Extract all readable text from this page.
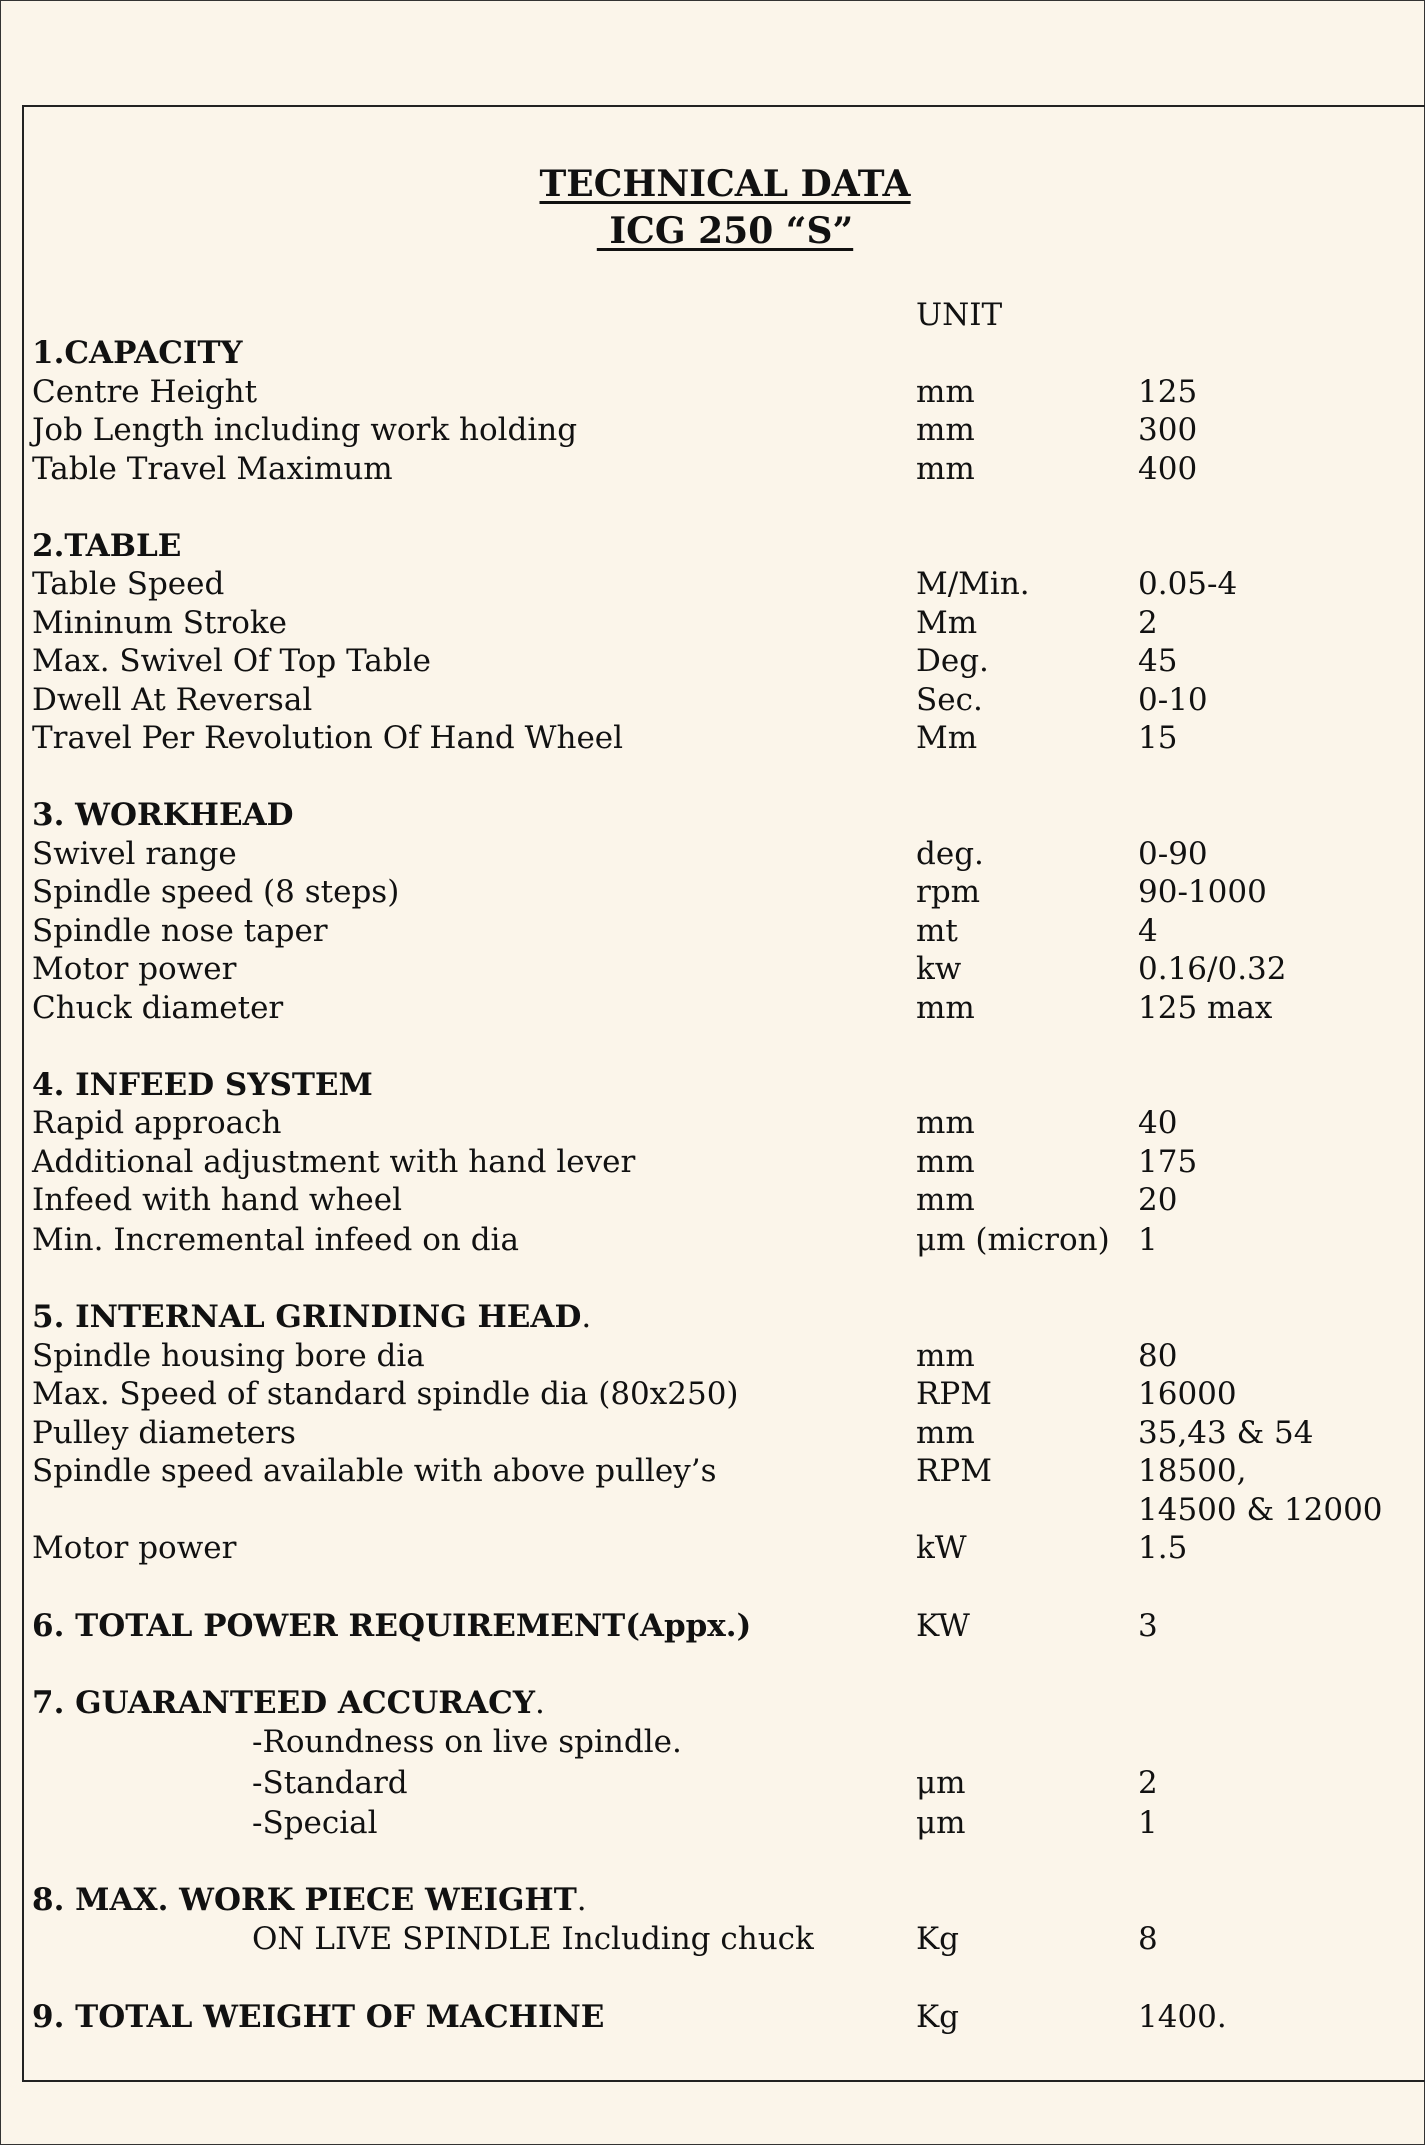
TECHNICAL DATA
ICG 250 “S”
UNIT
1.CAPACITY
Centre Height	mm	125
Job Length including work holding	mm	300
Table Travel Maximum	mm	400
2.TABLE
Table Speed	M/Min.	0.05-4
Mininum Stroke	Mm	2
Max. Swivel Of Top Table	Deg.	45
Dwell At Reversal	Sec.	0-10
Travel Per Revolution Of Hand Wheel	Mm	15
3. WORKHEAD
Swivel range	deg.	0-90
Spindle speed (8 steps)	rpm	90-1000
Spindle nose taper	mt	4
Motor power	kw	0.16/0.32
Chuck diameter	mm	125 max
4. INFEED SYSTEM
Rapid approach	mm	40
Additional adjustment with hand lever	mm	175
Infeed with hand wheel	mm	20
Min. Incremental infeed on dia	μm (micron) 1
5. INTERNAL GRINDING HEAD.
Spindle housing bore dia	mm	80
Max. Speed of standard spindle dia (80x250)	RPM	16000
Pulley diameters	mm	35,43 & 54
Spindle speed available with above pulley’s	RPM	18500,
14500 & 12000
Motor power	kW	1.5
6. TOTAL POWER REQUIREMENT(Appx.)	KW	3
7. GUARANTEED ACCURACY.
-Roundness on live spindle.
-Standard	μm	2
-Special	μm	1
8. MAX. WORK PIECE WEIGHT.
ON LIVE SPINDLE Including chuck	Kg	8
9. TOTAL WEIGHT OF MACHINE	Kg	1400.
